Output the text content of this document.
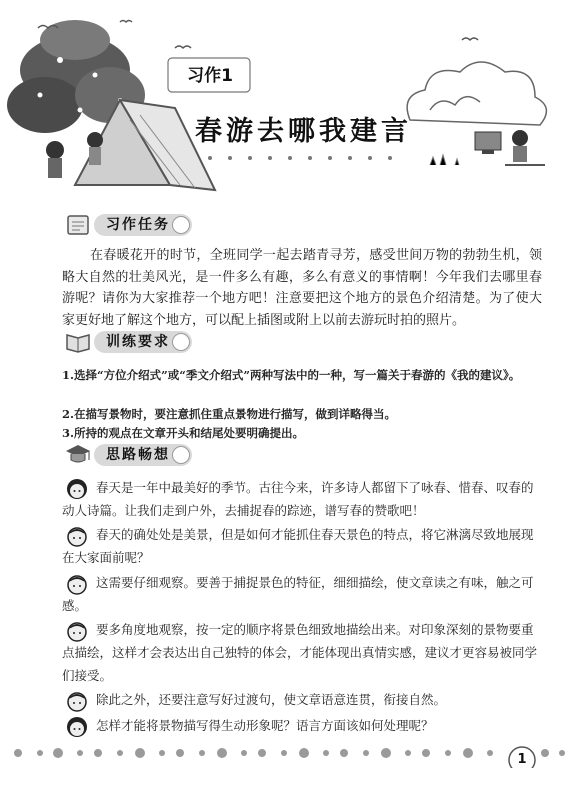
习作1
春游去哪我建言
习作任务
在春暖花开的时节，全班同学一起去踏青寻芳，感受世间万物的勃勃生机，领略大自然的壮美风光，是一件多么有趣，多么有意义的事情啊！今年我们去哪里春游呢？请你为大家推荐一个地方吧！注意要把这个地方的景色介绍清楚。为了使大家更好地了解这个地方，可以配上插图或附上以前去游玩时拍的照片。
训练要求
1.选择“方位介绍式”或“季文介绍式”两种写法中的一种，写一篇关于春游的《我的建议》。
2.在描写景物时，要注意抓住重点景物进行描写，做到详略得当。
3.所持的观点在文章开头和结尾处要明确提出。
思路畅想
春天是一年中最美好的季节。古往今来，许多诗人都留下了咏春、惜春、叹春的动人诗篇。让我们走到户外，去捕捉春的踪迹，谱写春的赞歌吧！
春天的确处处是美景，但是如何才能抓住春天景色的特点，将它淋漓尽致地展现在大家面前呢？
这需要仔细观察。要善于捕捉景色的特征，细细描绘，使文章读之有味，触之可感。
要多角度地观察，按一定的顺序将景色细致地描绘出来。对印象深刻的景物要重点描绘，这样才会表达出自己独特的体会，才能体现出真情实感，建议才更容易被同学们接受。
除此之外，还要注意写好过渡句，使文章语意连贯，衔接自然。
怎样才能将景物描写得生动形象呢？语言方面该如何处理呢？
1
